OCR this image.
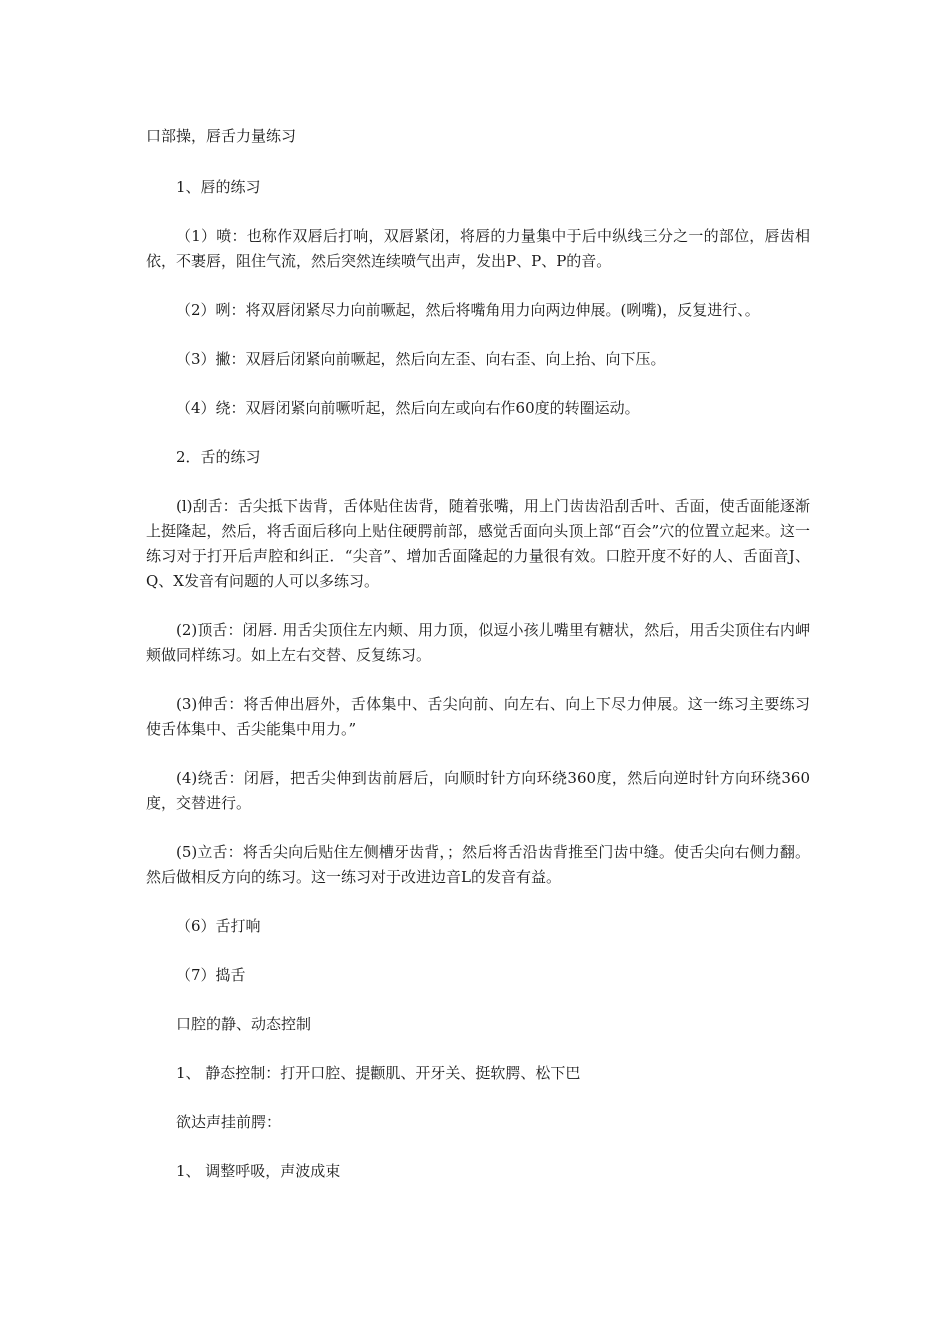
口部操，唇舌力量练习

1、唇的练习

（1）喷：也称作双唇后打响，双唇紧闭，将唇的力量集中于后中纵线三分之一的部位，唇齿相依，不裹唇，阻住气流，然后突然连续喷气出声，发出P、P、P的音。

（2）咧：将双唇闭紧尽力向前噘起，然后将嘴角用力向两边伸展。(咧嘴)，反复进行、。

（3）撇：双唇后闭紧向前噘起，然后向左歪、向右歪、向上抬、向下压。

（4）绕：双唇闭紧向前噘听起，然后向左或向右作60度的转圈运动。

2．舌的练习

(l)刮舌：舌尖抵下齿背，舌体贴住齿背，随着张嘴，用上门齿齿沿刮舌叶、舌面，使舌面能逐渐上挺隆起，然后，将舌面后移向上贴住硬腭前部，感觉舌面向头顶上部“百会”穴的位置立起来。这一练习对于打开后声腔和纠正．“尖音”、增加舌面隆起的力量很有效。口腔开度不好的人、舌面音J、 Q、X发音有问题的人可以多练习。

(2)顶舌：闭唇. 用舌尖顶住左内颊、用力顶，似逗小孩儿嘴里有糖状，然后，用舌尖顶住右内岬颊做同样练习。如上左右交替、反复练习。

(3)伸舌：将舌伸出唇外，舌体集中、舌尖向前、向左右、向上下尽力伸展。这一练习主要练习使舌体集中、舌尖能集中用力。”

(4)绕舌：闭唇，把舌尖伸到齿前唇后，向顺时针方向环绕360度，然后向逆时针方向环绕360度，交替进行。

(5)立舌：将舌尖向后贴住左侧槽牙齿背，；然后将舌沿齿背推至门齿中缝。使舌尖向右侧力翻。然后做相反方向的练习。这一练习对于改进边音L的发音有益。

（6）舌打响

（7）捣舌

口腔的静、动态控制

1、 静态控制：打开口腔、提颧肌、开牙关、挺软腭、松下巴

欲达声挂前腭：

1、 调整呼吸，声波成束
